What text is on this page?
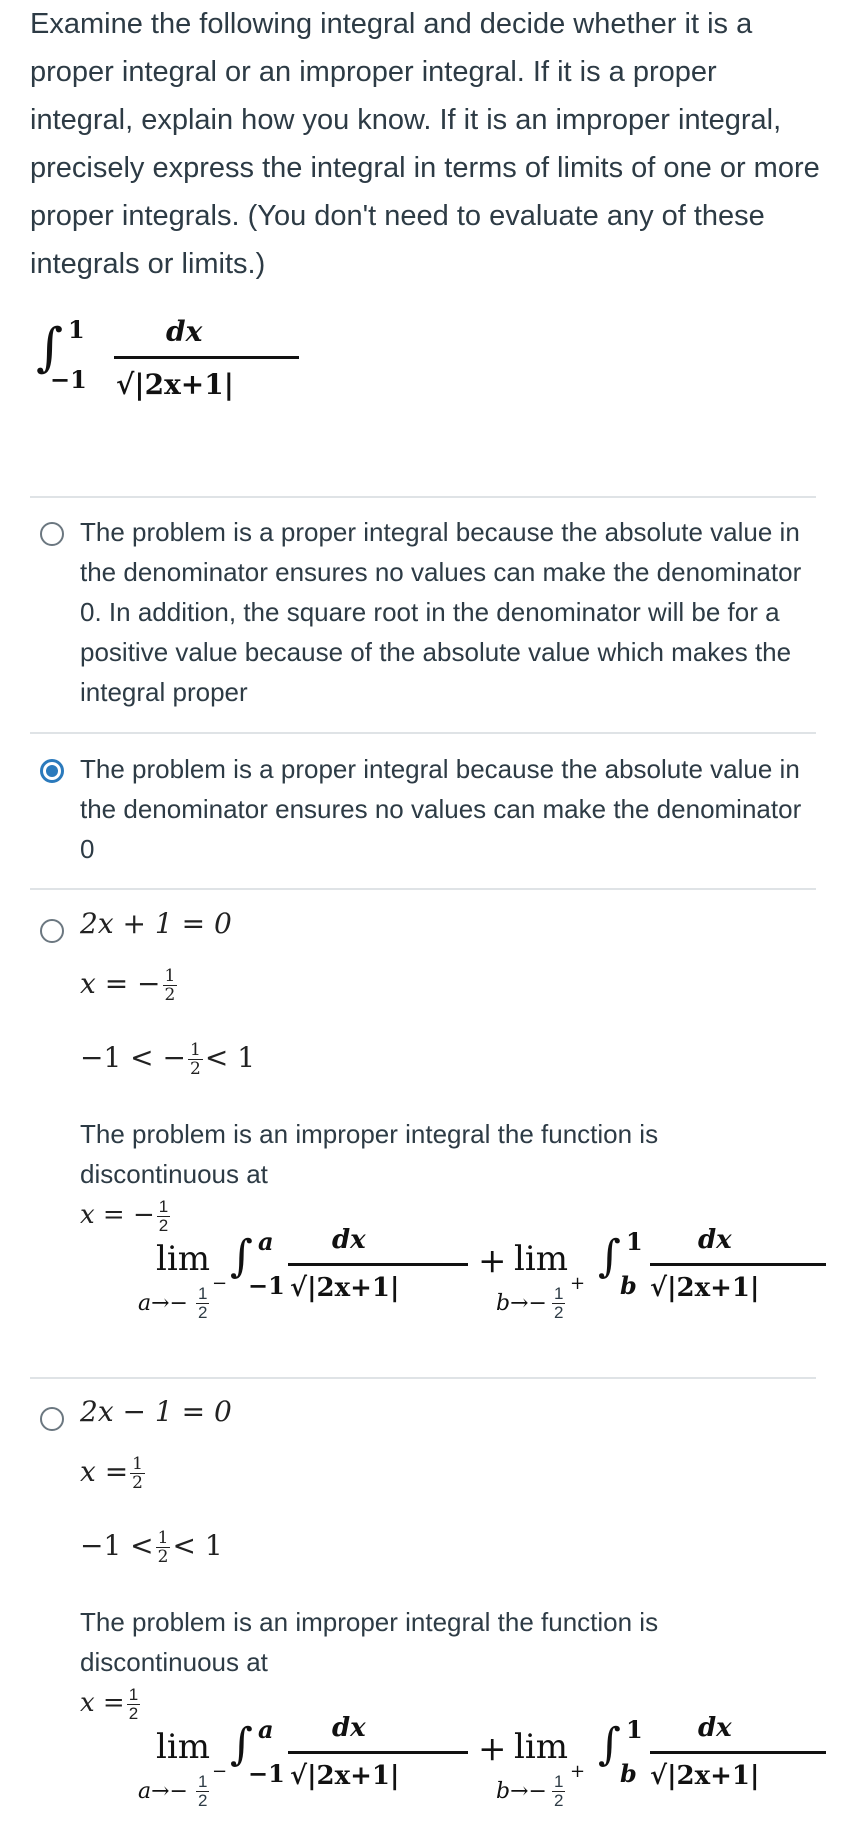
Examine the following integral and decide whether it is a proper integral or an improper integral. If it is a proper integral, explain how you know. If it is an improper integral, precisely express the integral in terms of limits of one or more proper integrals. (You don't need to evaluate any of these integrals or limits.)
∫ 1
−1
dx
√|2x+1|
The problem is a proper integral because the absolute value in the denominator ensures no values can make the denominator 0. In addition, the square root in the denominator will be for a positive value because of the absolute value which makes the integral proper
The problem is a proper integral because the absolute value in the denominator ensures no values can make the denominator 0
2x + 1 = 0
x = − $\frac{1}{2}$
−1 < − $\frac{1}{2} < 1$
The problem is an improper integral the function is discontinuous at
x = − $\frac{1}{2}$
lim
$a\to- \frac{1}{2}$
−
∫ a
−1
dx
√|2x+1|
+ lim
$b\to- \frac{1}{2}$
+
∫ 1
b
dx
√|2x+1|
2x − 1 = 0
$x = \frac{1}{2}$
$-1 < \frac{1}{2} < 1$
The problem is an improper integral the function is discontinuous at
$x = \frac{1}{2}$
lim
$a\to- \frac{1}{2}$
−
∫ a
−1
dx
√|2x+1|
+ lim
$b\to- \frac{1}{2}$
+
∫ 1
b
dx
√|2x+1|
